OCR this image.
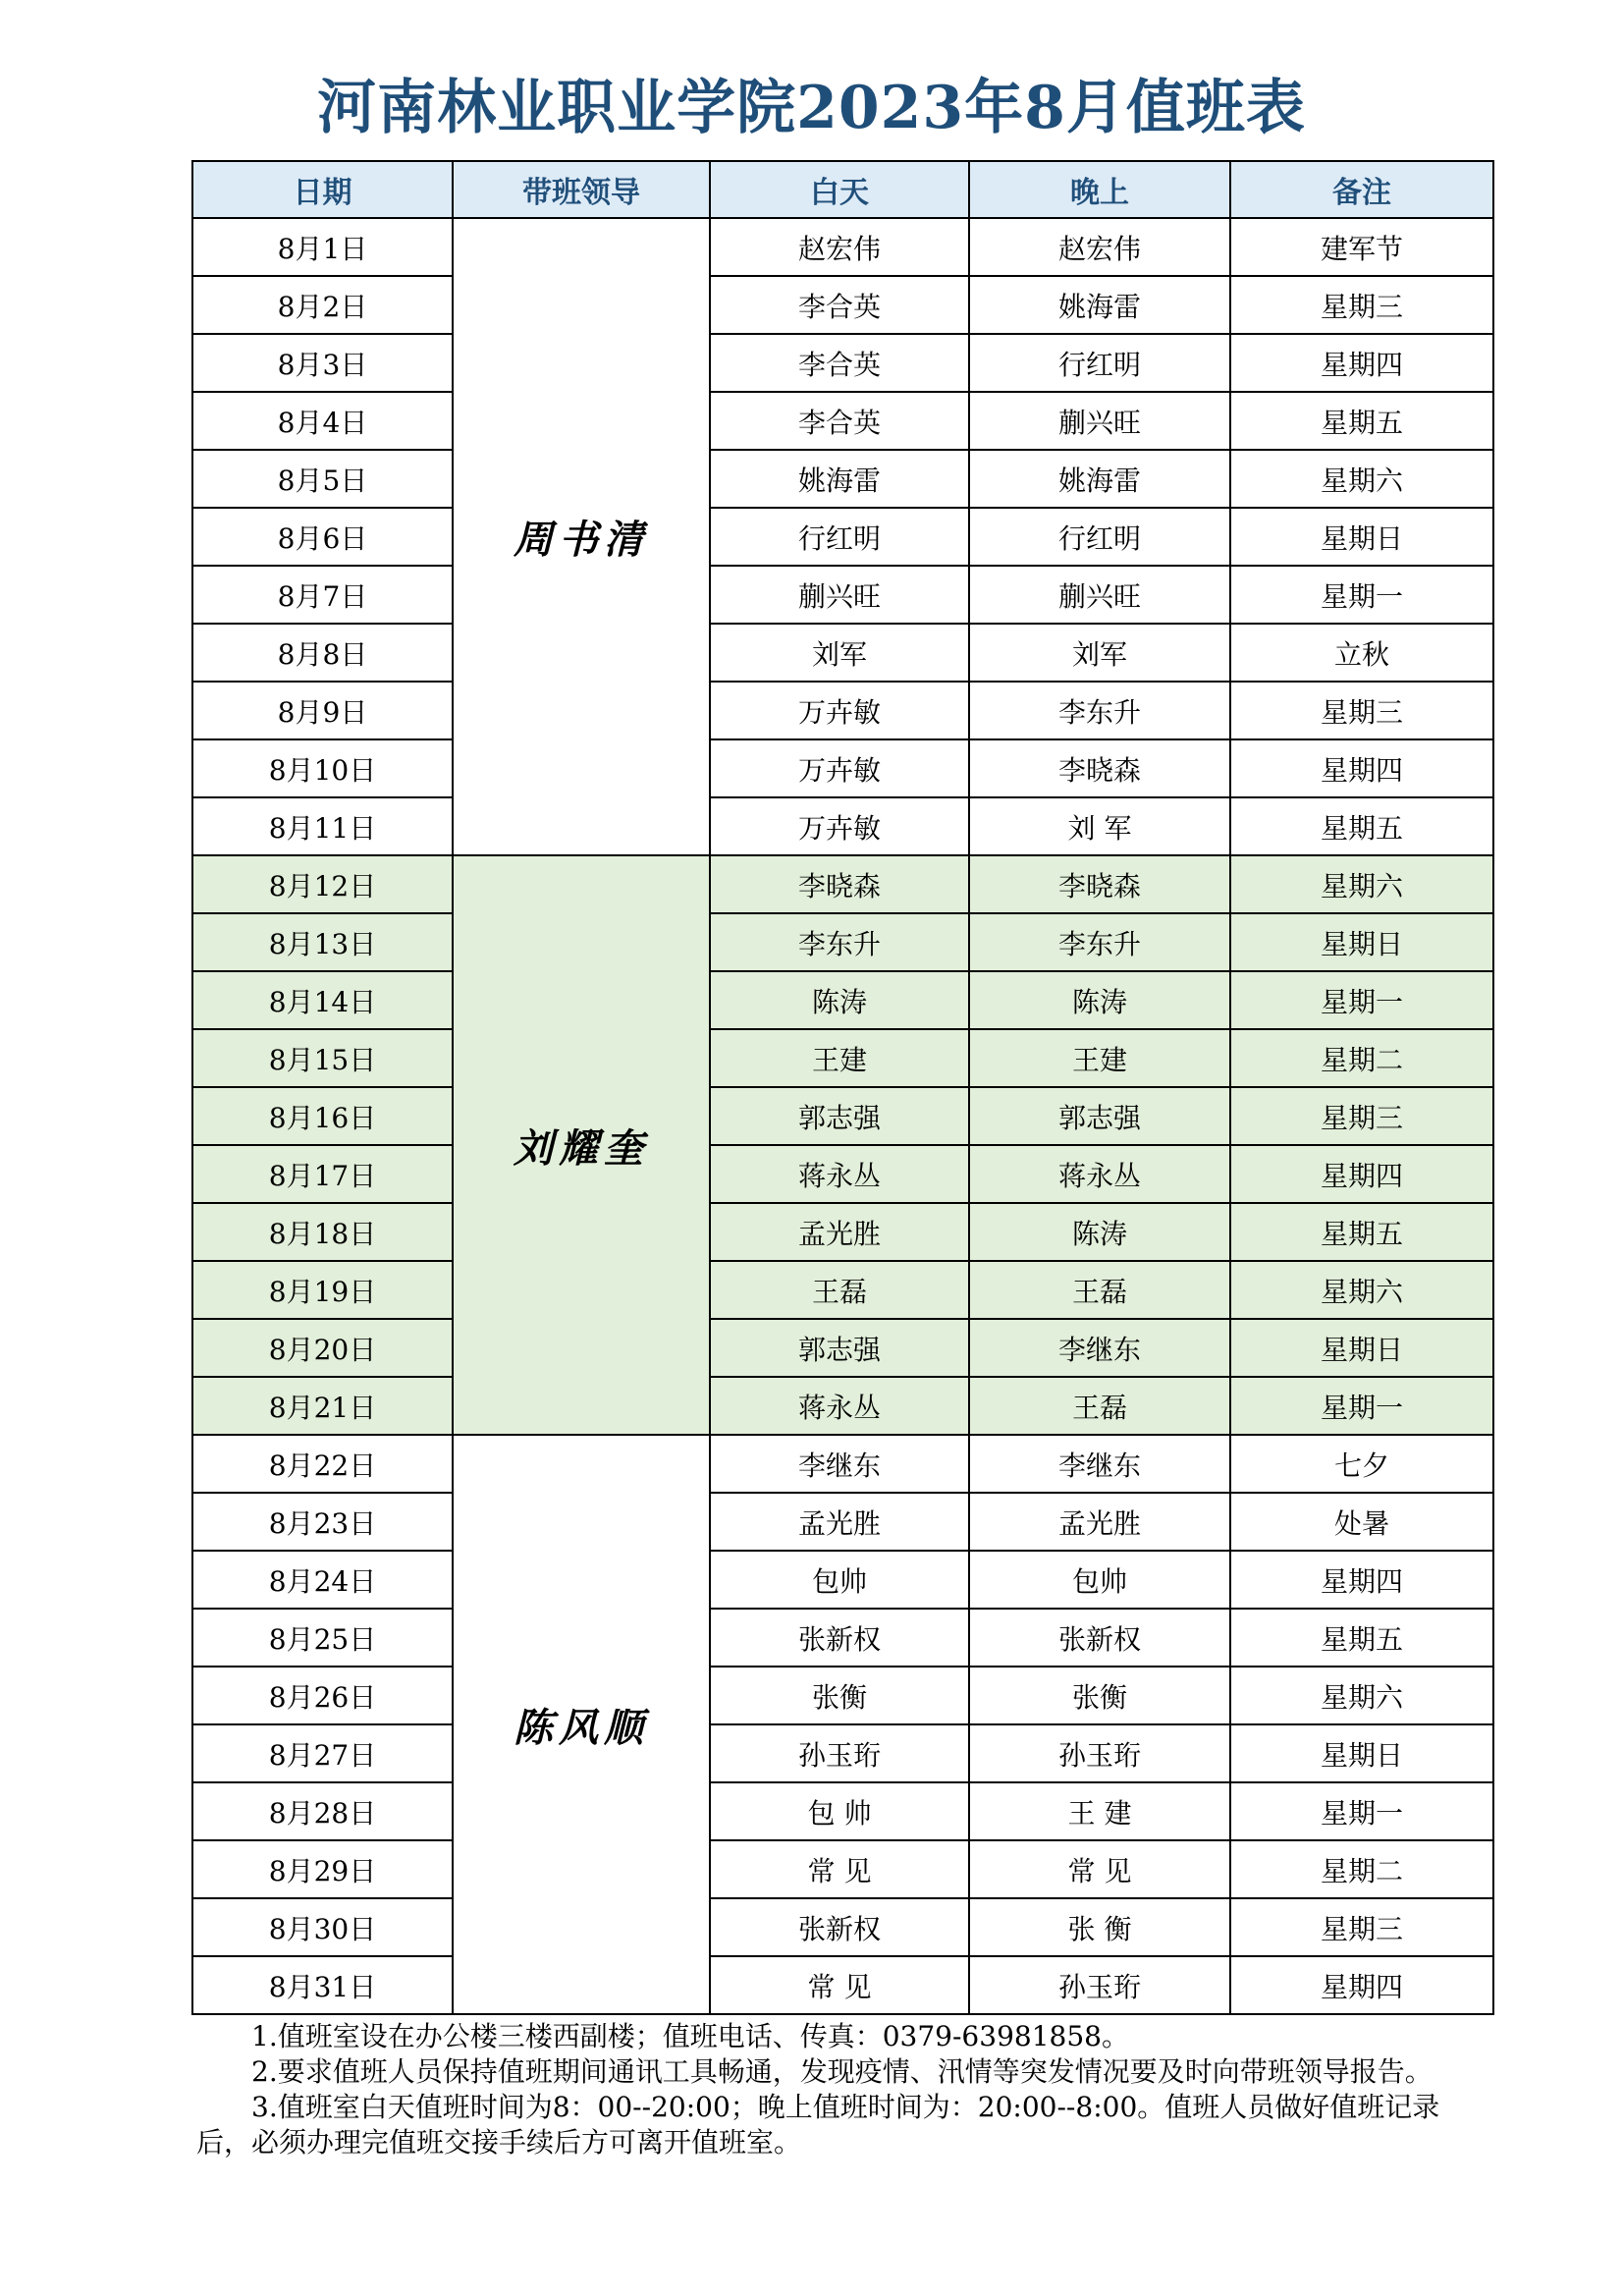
河南林业职业学院2023年8月值班表
日期	带班领导	白天	晚上	备注
8月1日	周书清	赵宏伟	赵宏伟	建军节
8月2日		李合英	姚海雷	星期三
8月3日		李合英	行红明	星期四
8月4日		李合英	蒯兴旺	星期五
8月5日		姚海雷	姚海雷	星期六
8月6日		行红明	行红明	星期日
8月7日		蒯兴旺	蒯兴旺	星期一
8月8日		刘军	刘军	立秋
8月9日		万卉敏	李东升	星期三
8月10日		万卉敏	李晓森	星期四
8月11日		万卉敏	刘 军	星期五
8月12日	刘耀奎	李晓森	李晓森	星期六
8月13日		李东升	李东升	星期日
8月14日		陈涛	陈涛	星期一
8月15日		王建	王建	星期二
8月16日		郭志强	郭志强	星期三
8月17日		蒋永丛	蒋永丛	星期四
8月18日		孟光胜	陈涛	星期五
8月19日		王磊	王磊	星期六
8月20日		郭志强	李继东	星期日
8月21日		蒋永丛	王磊	星期一
8月22日	陈风顺	李继东	李继东	七夕
8月23日		孟光胜	孟光胜	处暑
8月24日		包帅	包帅	星期四
8月25日		张新权	张新权	星期五
8月26日		张衡	张衡	星期六
8月27日		孙玉珩	孙玉珩	星期日
8月28日		包 帅	王 建	星期一
8月29日		常 见	常 见	星期二
8月30日		张新权	张 衡	星期三
8月31日		常 见	孙玉珩	星期四

1.值班室设在办公楼三楼西副楼；值班电话、传真：0379-63981858。

2.要求值班人员保持值班期间通讯工具畅通，发现疫情、汛情等突发情况要及时向带班领导报告。

3.值班室白天值班时间为8：00--20:00；晚上值班时间为：20:00--8:00。值班人员做好值班记录后，必须办理完值班交接手续后方可离开值班室。
